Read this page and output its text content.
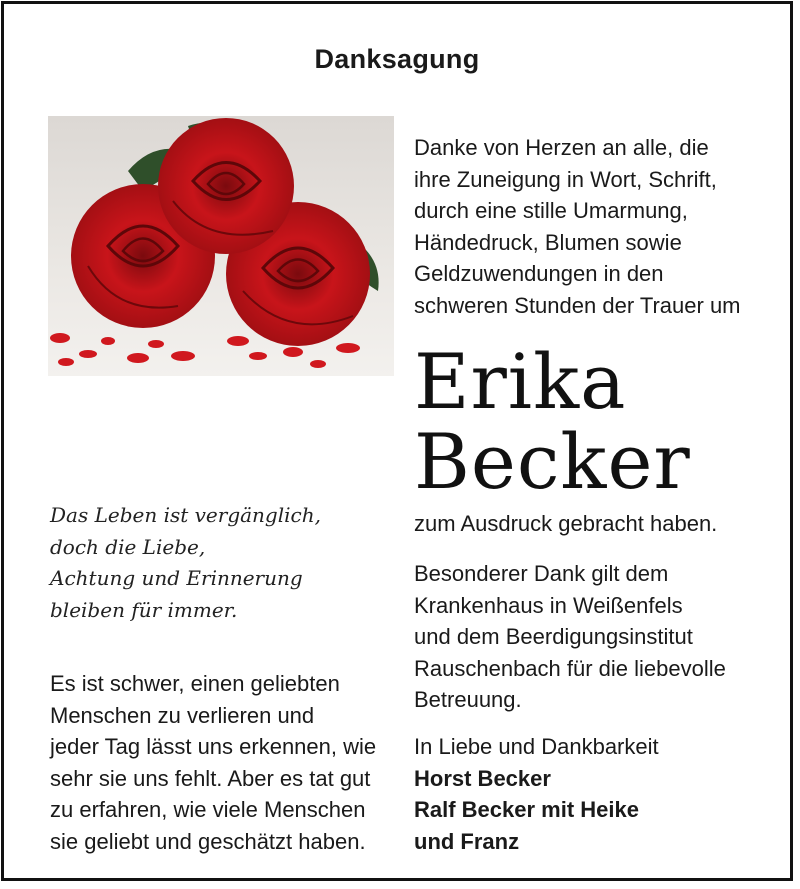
Danksagung
Danke von Herzen an alle, die
ihre Zuneigung in Wort, Schrift,
durch eine stille Umarmung,
Händedruck, Blumen sowie
Geldzuwendungen in den
schweren Stunden der Trauer um
Erika
Becker
zum Ausdruck gebracht haben.
Besonderer Dank gilt dem
Krankenhaus in Weißenfels
und dem Beerdigungsinstitut
Rauschenbach für die liebevolle
Betreuung.
In Liebe und Dankbarkeit
Horst Becker
Ralf Becker mit Heike
und Franz
Das Leben ist vergänglich,
doch die Liebe,
Achtung und Erinnerung
bleiben für immer.
Es ist schwer, einen geliebten
Menschen zu verlieren und
jeder Tag lässt uns erkennen, wie
sehr sie uns fehlt. Aber es tat gut
zu erfahren, wie viele Menschen
sie geliebt und geschätzt haben.
